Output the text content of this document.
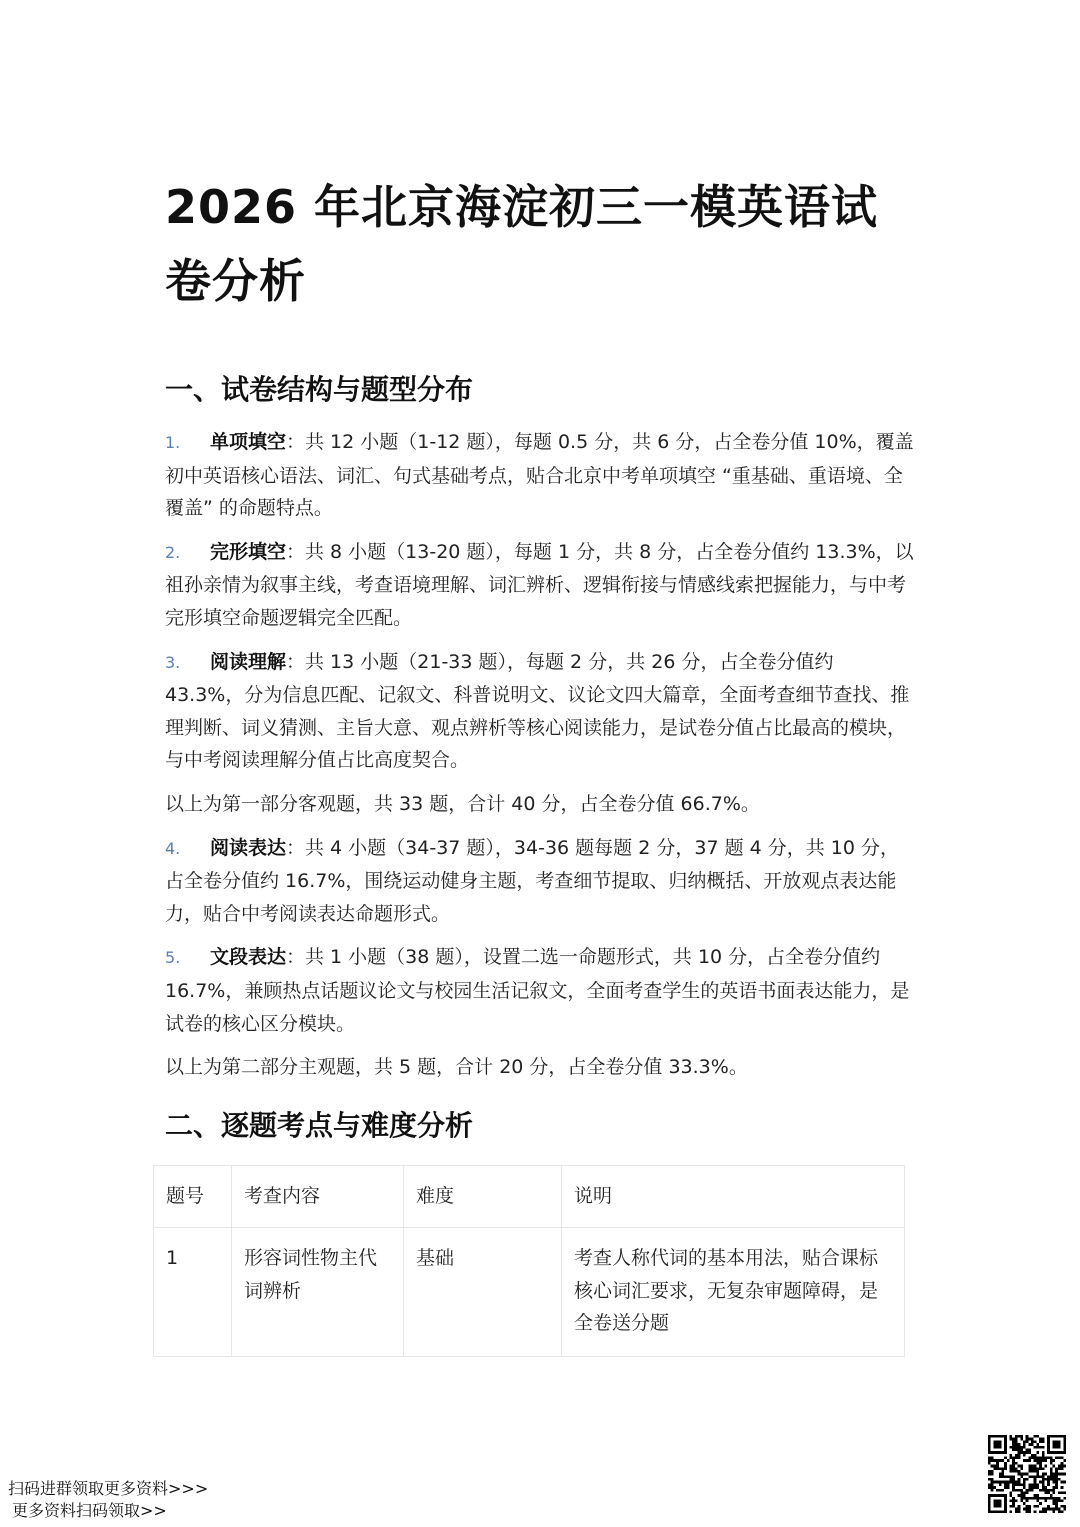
2026 年北京海淀初三一模英语试卷分析
一、试卷结构与题型分布

1. 单项填空：共 12 小题（1-12 题），每题 0.5 分，共 6 分，占全卷分值 10%，覆盖初中英语核心语法、词汇、句式基础考点，贴合北京中考单项填空 “重基础、重语境、全覆盖” 的命题特点。

2. 完形填空：共 8 小题（13-20 题），每题 1 分，共 8 分，占全卷分值约 13.3%，以祖孙亲情为叙事主线，考查语境理解、词汇辨析、逻辑衔接与情感线索把握能力，与中考完形填空命题逻辑完全匹配。

3. 阅读理解：共 13 小题（21-33 题），每题 2 分，共 26 分，占全卷分值约 43.3%，分为信息匹配、记叙文、科普说明文、议论文四大篇章，全面考查细节查找、推理判断、词义猜测、主旨大意、观点辨析等核心阅读能力，是试卷分值占比最高的模块，与中考阅读理解分值占比高度契合。

以上为第一部分客观题，共 33 题，合计 40 分，占全卷分值 66.7%。

4. 阅读表达：共 4 小题（34-37 题），34-36 题每题 2 分，37 题 4 分，共 10 分，占全卷分值约 16.7%，围绕运动健身主题，考查细节提取、归纳概括、开放观点表达能力，贴合中考阅读表达命题形式。

5. 文段表达：共 1 小题（38 题），设置二选一命题形式，共 10 分，占全卷分值约 16.7%，兼顾热点话题议论文与校园生活记叙文，全面考查学生的英语书面表达能力，是试卷的核心区分模块。

以上为第二部分主观题，共 5 题，合计 20 分，占全卷分值 33.3%。

二、逐题考点与难度分析
题号	考查内容	难度	说明
1	形容词性物主代词辨析	基础	考查人称代词的基本用法，贴合课标核心词汇要求，无复杂审题障碍，是全卷送分题
扫码进群领取更多资料>>>
更多资料扫码领取>>
